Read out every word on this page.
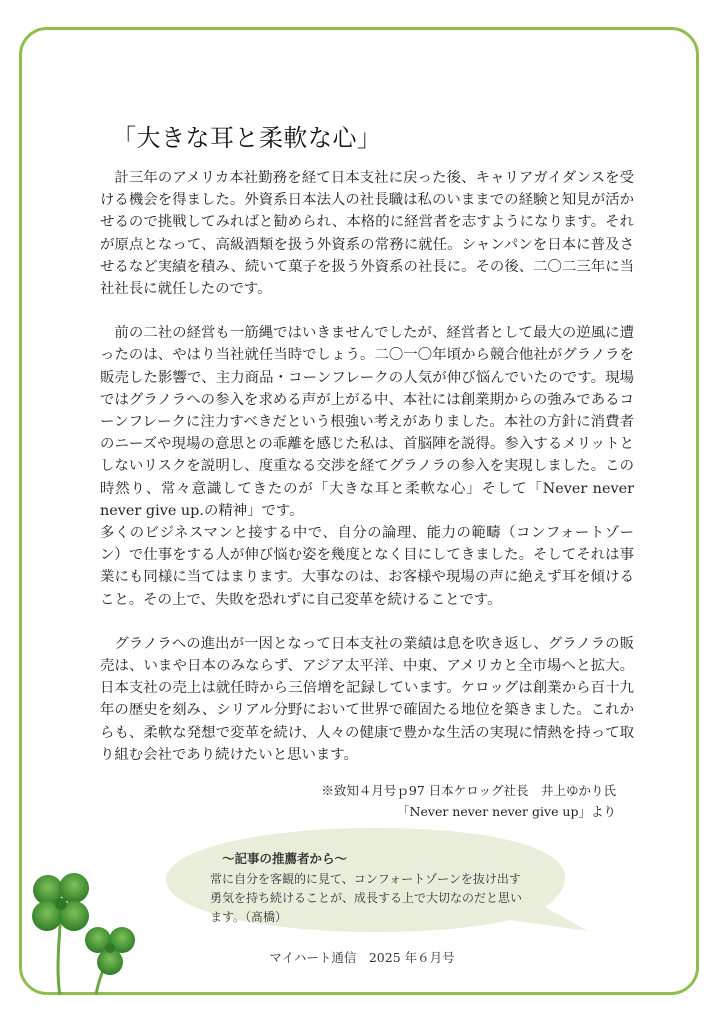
「大きな耳と柔軟な心」

計三年のアメリカ本社勤務を経て日本支社に戻った後、キャリアガイダンスを受ける機会を得ました。外資系日本法人の社長職は私のいままでの経験と知見が活かせるので挑戦してみればと勧められ、本格的に経営者を志すようになります。それが原点となって、高級酒類を扱う外資系の常務に就任。シャンパンを日本に普及させるなど実績を積み、続いて菓子を扱う外資系の社長に。その後、二〇二三年に当社社長に就任したのです。

前の二社の経営も一筋縄ではいきませんでしたが、経営者として最大の逆風に遭ったのは、やはり当社就任当時でしょう。二〇一〇年頃から競合他社がグラノラを販売した影響で、主力商品・コーンフレークの人気が伸び悩んでいたのです。現場ではグラノラへの参入を求める声が上がる中、本社には創業期からの強みであるコーンフレークに注力すべきだという根強い考えがありました。本社の方針に消費者のニーズや現場の意思との乖離を感じた私は、首脳陣を説得。参入するメリットとしないリスクを説明し、度重なる交渉を経てグラノラの参入を実現しました。この時然り、常々意識してきたのが「大きな耳と柔軟な心」そして「Never never never give up.の精神」です。

多くのビジネスマンと接する中で、自分の論理、能力の範疇（コンフォートゾーン）で仕事をする人が伸び悩む姿を幾度となく目にしてきました。そしてそれは事業にも同様に当てはまります。大事なのは、お客様や現場の声に絶えず耳を傾けること。その上で、失敗を恐れずに自己変革を続けることです。

グラノラへの進出が一因となって日本支社の業績は息を吹き返し、グラノラの販売は、いまや日本のみならず、アジア太平洋、中東、アメリカと全市場へと拡大。日本支社の売上は就任時から三倍増を記録しています。ケロッグは創業から百十九年の歴史を刻み、シリアル分野において世界で確固たる地位を築きました。これからも、柔軟な発想で変革を続け、人々の健康で豊かな生活の実現に情熱を持って取り組む会社であり続けたいと思います。

※致知４月号ｐ97 日本ケロッグ社長　井上ゆかり氏
「Never never never give up」より
～記事の推薦者から～
常に自分を客観的に見て、コンフォートゾーンを抜け出す勇気を持ち続けることが、成長する上で大切なのだと思います。（髙橋）
マイハート通信　2025 年６月号
